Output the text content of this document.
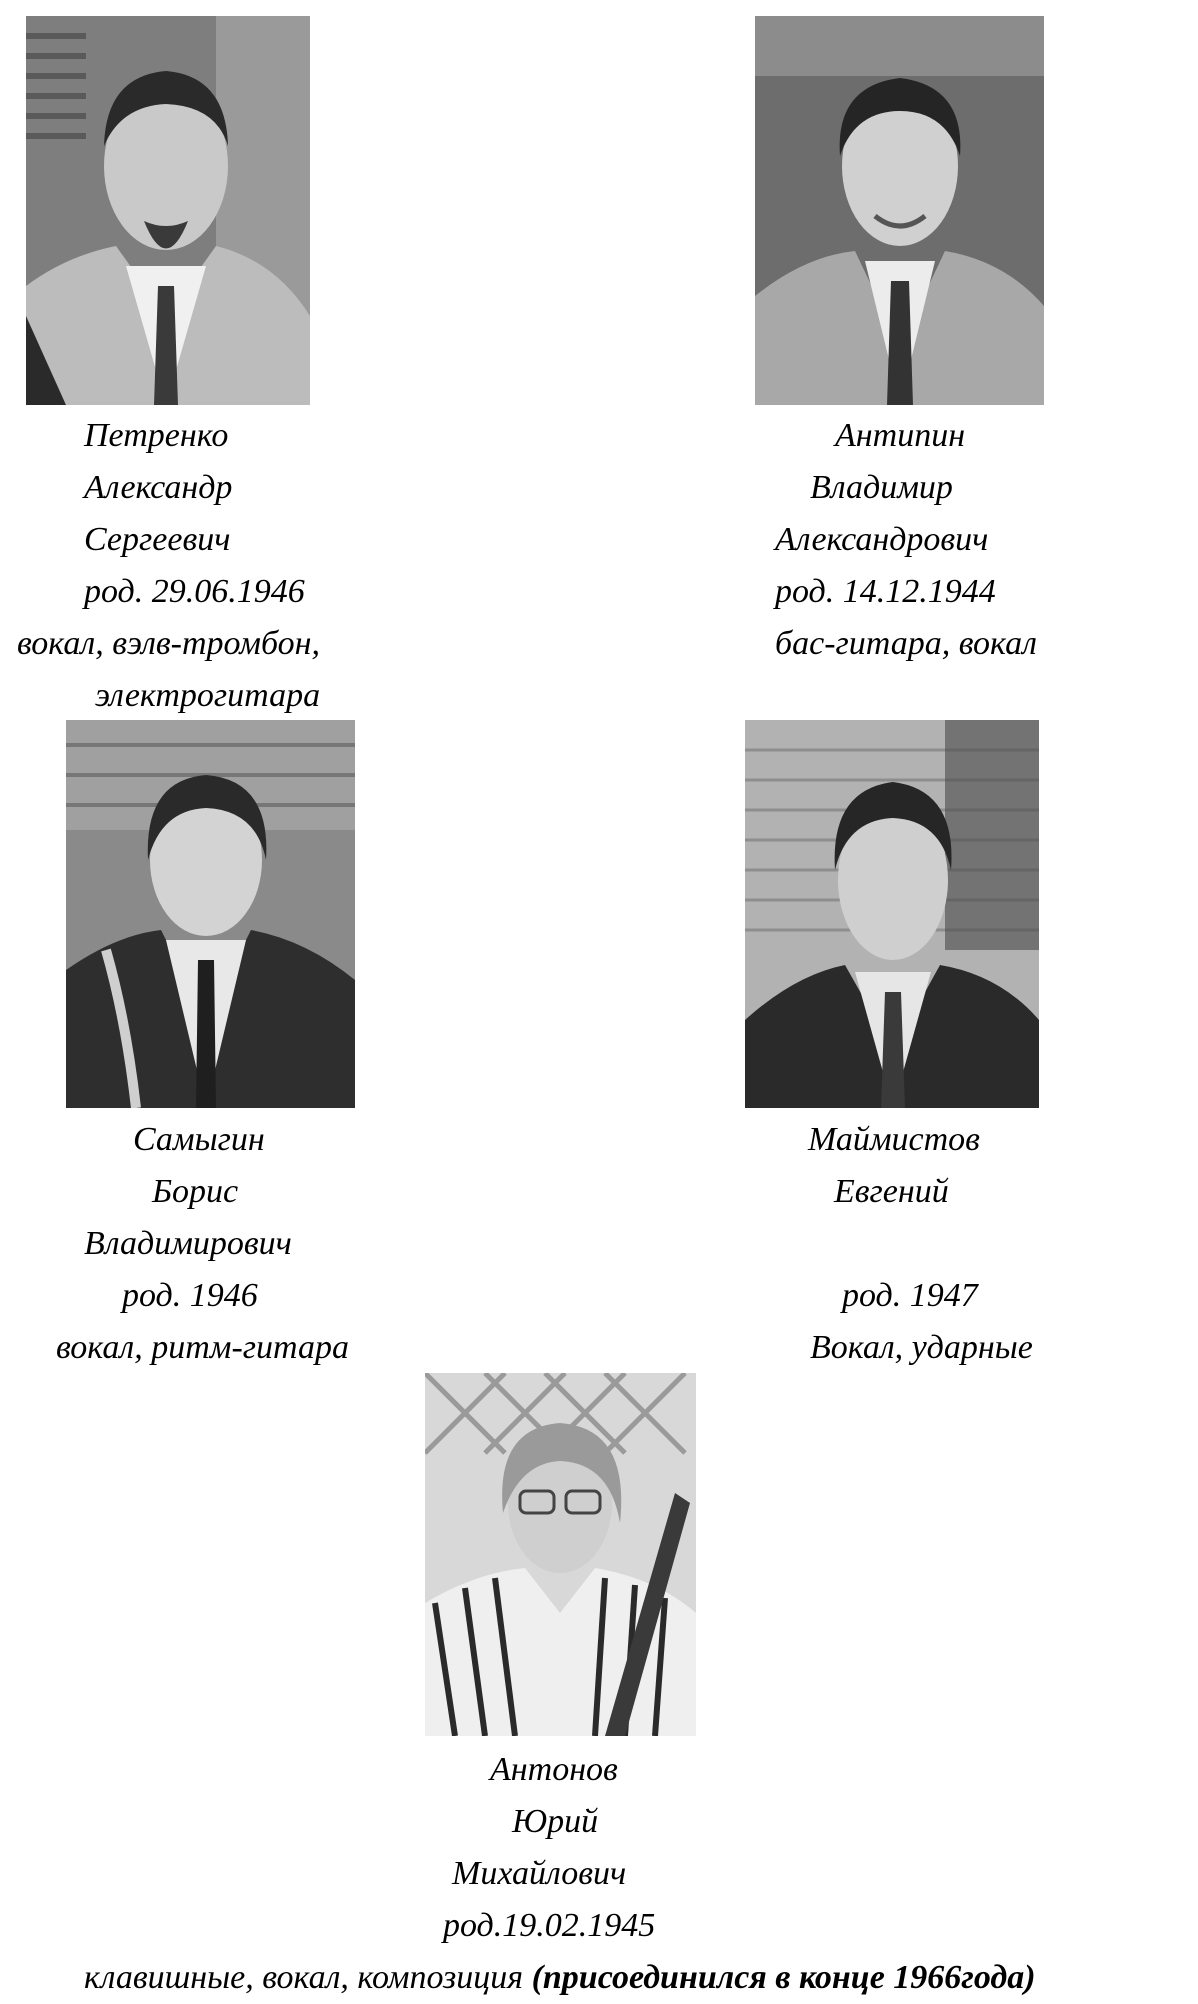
Петренко
Александр
Сергеевич
род. 29.06.1946
вокал, вэлв-тромбон,
электрогитара
Антипин
Владимир
Александрович
род. 14.12.1944
бас-гитара, вокал
Самыгин
Борис
Владимирович
род. 1946
вокал, ритм-гитара
Маймистов
Евгений
род. 1947
Вокал, ударные
Антонов
Юрий
Михайлович
род.19.02.1945
клавишные, вокал, композиция (присоединился в конце 1966года)
